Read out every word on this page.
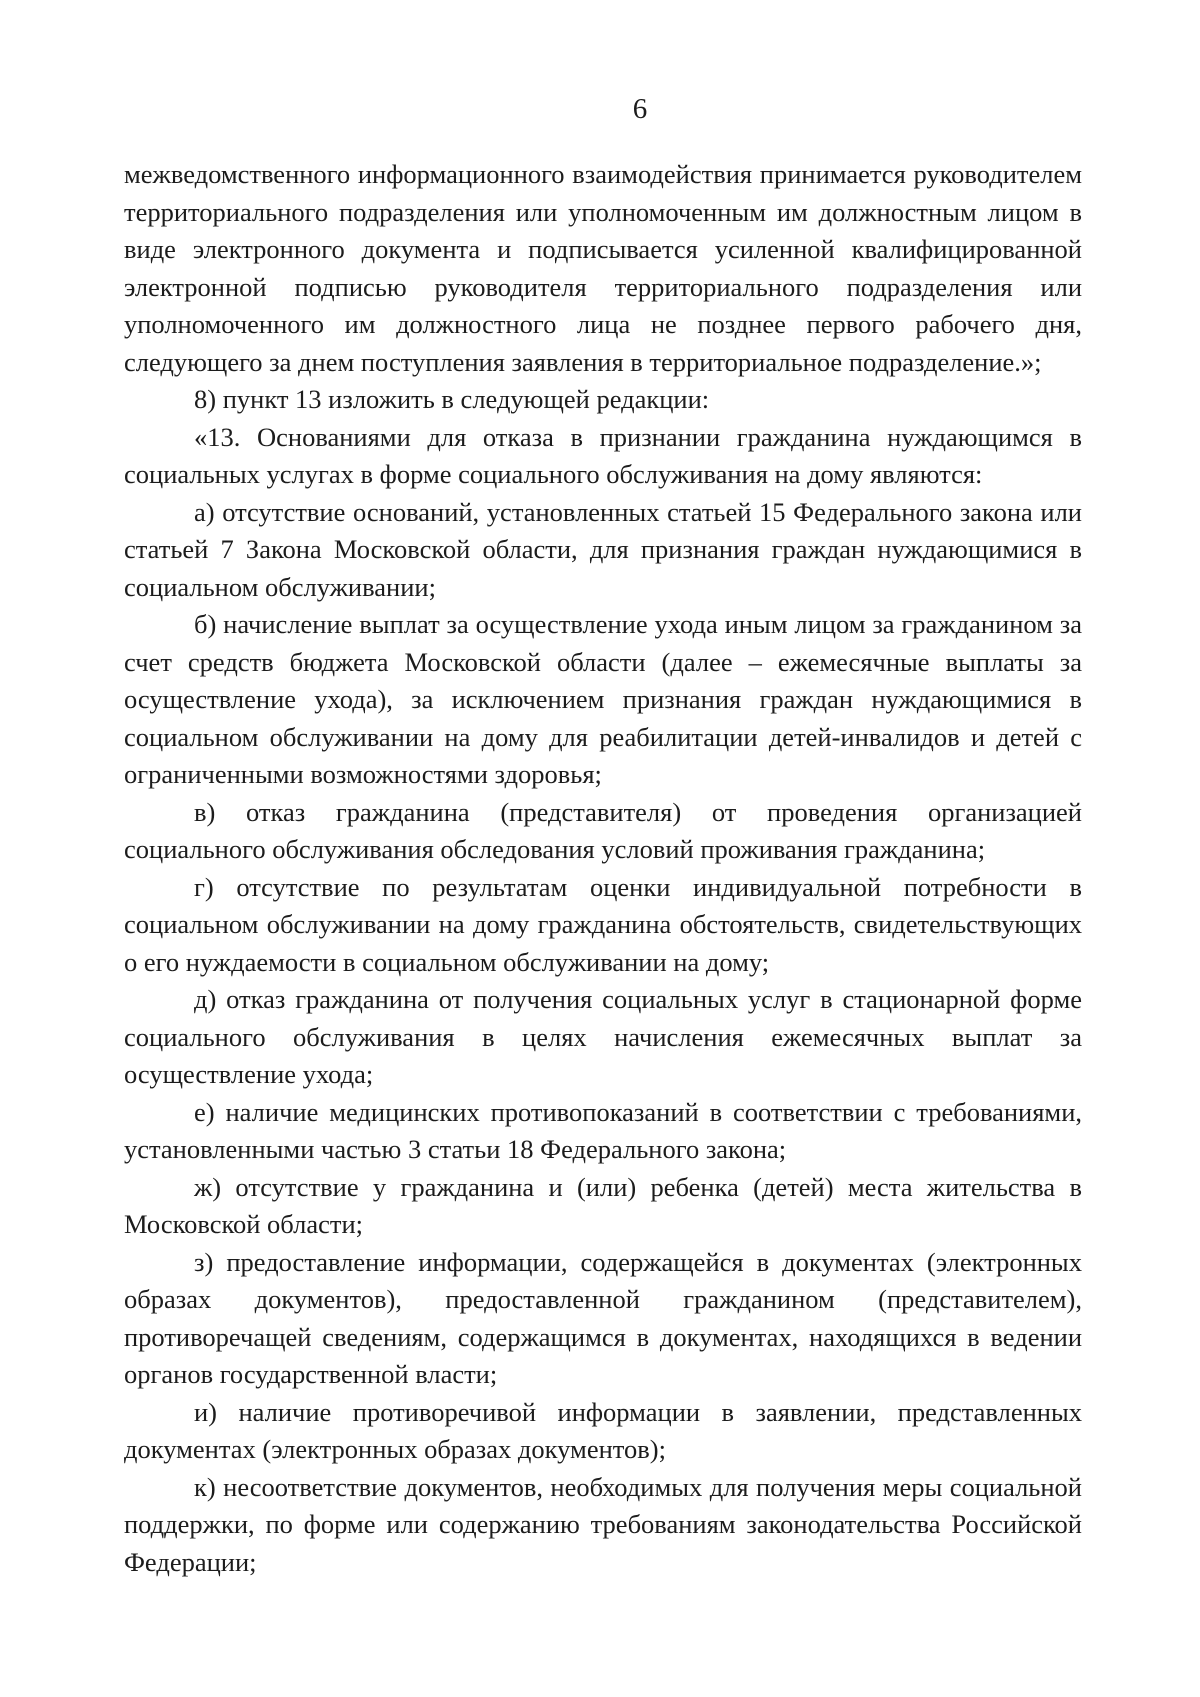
6

межведомственного информационного взаимодействия принимается руководителем территориального подразделения или уполномоченным им должностным лицом в виде электронного документа и подписывается усиленной квалифицированной электронной подписью руководителя территориального подразделения или уполномоченного им должностного лица не позднее первого рабочего дня, следующего за днем поступления заявления в территориальное подразделение.»;

8) пункт 13 изложить в следующей редакции:

«13. Основаниями для отказа в признании гражданина нуждающимся в социальных услугах в форме социального обслуживания на дому являются:

а) отсутствие оснований, установленных статьей 15 Федерального закона или статьей 7 Закона Московской области, для признания граждан нуждающимися в социальном обслуживании;

б) начисление выплат за осуществление ухода иным лицом за гражданином за счет средств бюджета Московской области (далее – ежемесячные выплаты за осуществление ухода), за исключением признания граждан нуждающимися в социальном обслуживании на дому для реабилитации детей-инвалидов и детей с ограниченными возможностями здоровья;

в) отказ гражданина (представителя) от проведения организацией социального обслуживания обследования условий проживания гражданина;

г) отсутствие по результатам оценки индивидуальной потребности в социальном обслуживании на дому гражданина обстоятельств, свидетельствующих о его нуждаемости в социальном обслуживании на дому;

д) отказ гражданина от получения социальных услуг в стационарной форме социального обслуживания в целях начисления ежемесячных выплат за осуществление ухода;

е) наличие медицинских противопоказаний в соответствии с требованиями, установленными частью 3 статьи 18 Федерального закона;

ж) отсутствие у гражданина и (или) ребенка (детей) места жительства в Московской области;

з) предоставление информации, содержащейся в документах (электронных образах документов), предоставленной гражданином (представителем), противоречащей сведениям, содержащимся в документах, находящихся в ведении органов государственной власти;

и) наличие противоречивой информации в заявлении, представленных документах (электронных образах документов);

к) несоответствие документов, необходимых для получения меры социальной поддержки, по форме или содержанию требованиям законодательства Российской Федерации;
